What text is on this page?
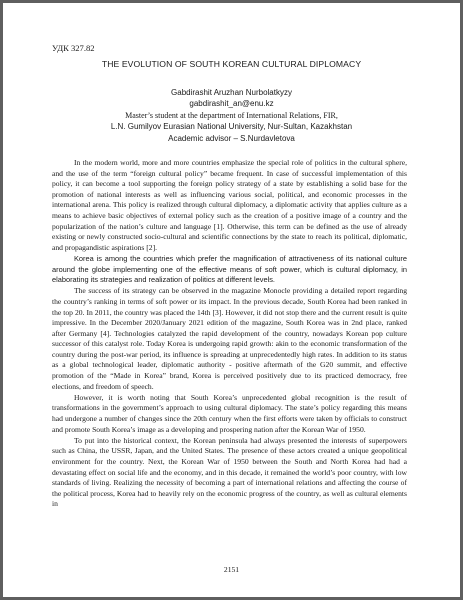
УДК 327.82
THE EVOLUTION OF SOUTH KOREAN CULTURAL DIPLOMACY
Gabdirashit Aruzhan Nurbolatkyzy
gabdirashit_an@enu.kz
Master’s student at the department of International Relations, FIR,
L.N. Gumilyov Eurasian National University, Nur-Sultan, Kazakhstan
Academic advisor – S.Nurdavletova

In the modern world, more and more countries emphasize the special role of politics in the cultural sphere, and the use of the term “foreign cultural policy” became frequent. In case of successful implementation of this policy, it can become a tool supporting the foreign policy strategy of a state by establishing a solid base for the promotion of national interests as well as influencing various social, political, and economic processes in the international arena. This policy is realized through cultural diplomacy, a diplomatic activity that applies culture as a means to achieve basic objectives of external policy such as the creation of a positive image of a country and the popularization of the nation’s culture and language [1]. Otherwise, this term can be defined as the use of already existing or newly constructed socio-cultural and scientific connections by the state to reach its political, diplomatic, and propagandistic aspirations [2].

Korea is among the countries which prefer the magnification of attractiveness of its national culture around the globe implementing one of the effective means of soft power, which is cultural diplomacy, in elaborating its strategies and realization of politics at different levels.

The success of its strategy can be observed in the magazine Monocle providing a detailed report regarding the country’s ranking in terms of soft power or its impact. In the previous decade, South Korea had been ranked in the top 20. In 2011, the country was placed the 14th [3]. However, it did not stop there and the current result is quite impressive. In the December 2020/January 2021 edition of the magazine, South Korea was in 2nd place, ranked after Germany [4]. Technologies catalyzed the rapid development of the country, nowadays Korean pop culture successor of this catalyst role. Today Korea is undergoing rapid growth: akin to the economic transformation of the country during the post-war period, its influence is spreading at unprecedentedly high rates. In addition to its status as a global technological leader, diplomatic authority - positive aftermath of the G20 summit, and effective promotion of the “Made in Korea” brand, Korea is perceived positively due to its practiced democracy, free elections, and freedom of speech.

However, it is worth noting that South Korea’s unprecedented global recognition is the result of transformations in the government’s approach to using cultural diplomacy. The state’s policy regarding this means had undergone a number of changes since the 20th century when the first efforts were taken by officials to construct and promote South Korea’s image as a developing and prospering nation after the Korean War of 1950.

To put into the historical context, the Korean peninsula had always presented the interests of superpowers such as China, the USSR, Japan, and the United States. The presence of these actors created a unique geopolitical environment for the country. Next, the Korean War of 1950 between the South and North Korea had had a devastating effect on social life and the economy, and in this decade, it remained the world’s poor country, with low standards of living. Realizing the necessity of becoming a part of international relations and affecting the course of the political process, Korea had to heavily rely on the economic progress of the country, as well as cultural elements in

2151
